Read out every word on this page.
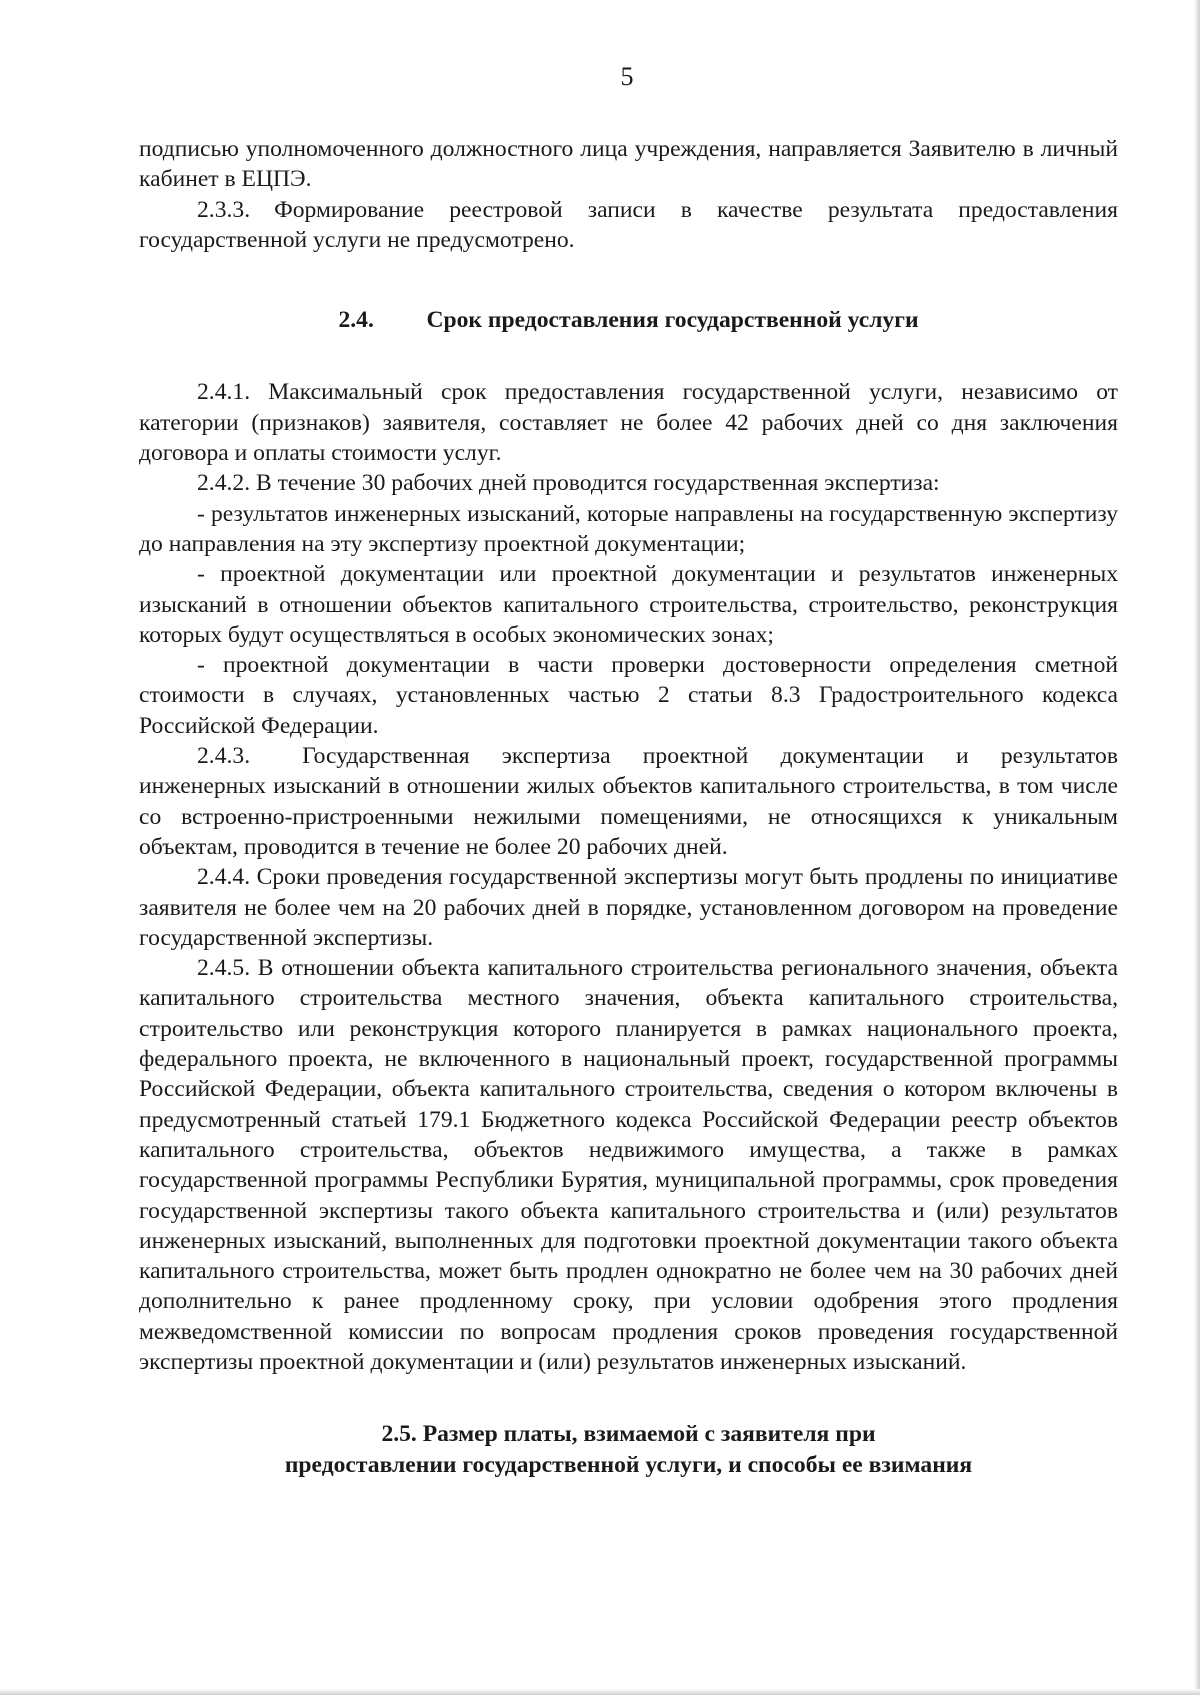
5

подписью уполномоченного должностного лица учреждения, направляется Заявителю в личный кабинет в ЕЦПЭ.

2.3.3. Формирование реестровой записи в качестве результата предоставления государственной услуги не предусмотрено.

2.4. Срок предоставления государственной услуги

2.4.1. Максимальный срок предоставления государственной услуги, независимо от категории (признаков) заявителя, составляет не более 42 рабочих дней со дня заключения договора и оплаты стоимости услуг.

2.4.2. В течение 30 рабочих дней проводится государственная экспертиза:

- результатов инженерных изысканий, которые направлены на государственную экспертизу до направления на эту экспертизу проектной документации;

- проектной документации или проектной документации и результатов инженерных изысканий в отношении объектов капитального строительства, строительство, реконструкция которых будут осуществляться в особых экономических зонах;

- проектной документации в части проверки достоверности определения сметной стоимости в случаях, установленных частью 2 статьи 8.3 Градостроительного кодекса Российской Федерации.

2.4.3. Государственная экспертиза проектной документации и результатов инженерных изысканий в отношении жилых объектов капитального строительства, в том числе со встроенно-пристроенными нежилыми помещениями, не относящихся к уникальным объектам, проводится в течение не более 20 рабочих дней.

2.4.4. Сроки проведения государственной экспертизы могут быть продлены по инициативе заявителя не более чем на 20 рабочих дней в порядке, установленном договором на проведение государственной экспертизы.

2.4.5. В отношении объекта капитального строительства регионального значения, объекта капитального строительства местного значения, объекта капитального строительства, строительство или реконструкция которого планируется в рамках национального проекта, федерального проекта, не включенного в национальный проект, государственной программы Российской Федерации, объекта капитального строительства, сведения о котором включены в предусмотренный статьей 179.1 Бюджетного кодекса Российской Федерации реестр объектов капитального строительства, объектов недвижимого имущества, а также в рамках государственной программы Республики Бурятия, муниципальной программы, срок проведения государственной экспертизы такого объекта капитального строительства и (или) результатов инженерных изысканий, выполненных для подготовки проектной документации такого объекта капитального строительства, может быть продлен однократно не более чем на 30 рабочих дней дополнительно к ранее продленному сроку, при условии одобрения этого продления межведомственной комиссии по вопросам продления сроков проведения государственной экспертизы проектной документации и (или) результатов инженерных изысканий.

2.5. Размер платы, взимаемой с заявителя при
предоставлении государственной услуги, и способы ее взимания
